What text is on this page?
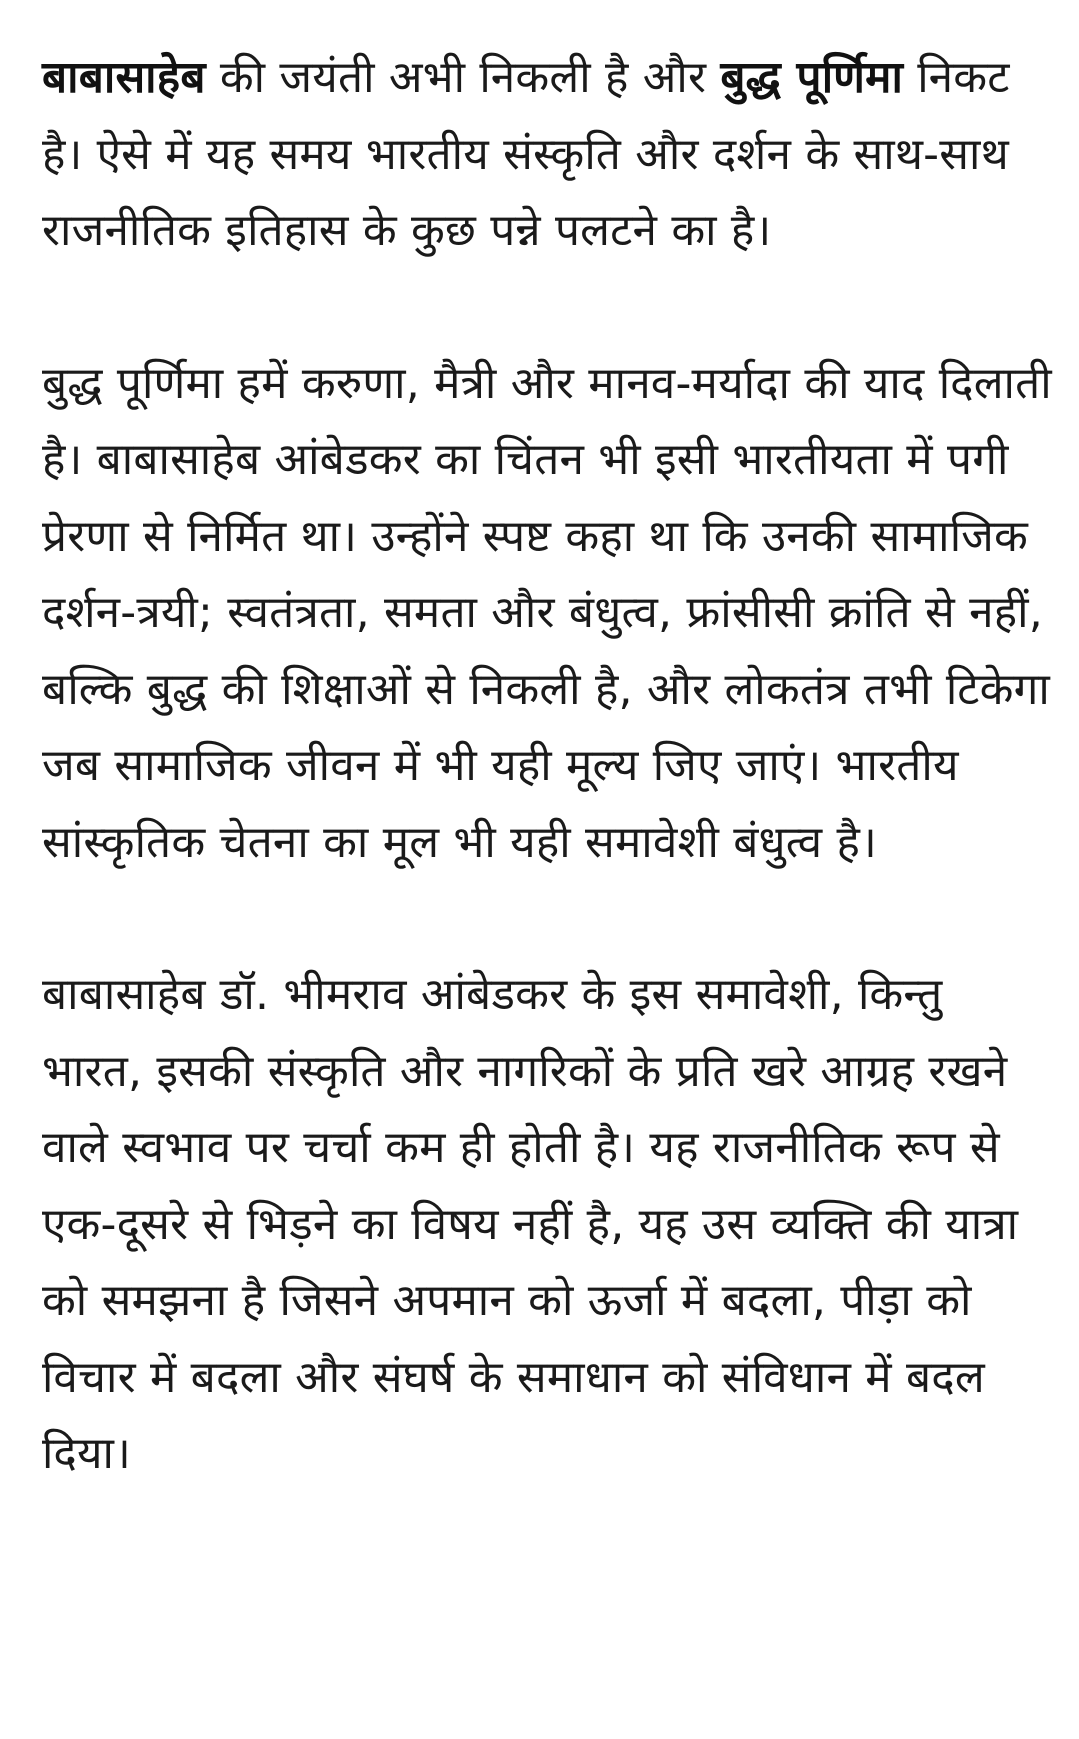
बाबासाहेब की जयंती अभी निकली है और बुद्ध पूर्णिमा निकट है। ऐसे में यह समय भारतीय संस्कृति और दर्शन के साथ-साथ राजनीतिक इतिहास के कुछ पन्ने पलटने का है।

बुद्ध पूर्णिमा हमें करुणा, मैत्री और मानव-मर्यादा की याद दिलाती है। बाबासाहेब आंबेडकर का चिंतन भी इसी भारतीयता में पगी प्रेरणा से निर्मित था। उन्होंने स्पष्ट कहा था कि उनकी सामाजिक दर्शन-त्रयी; स्वतंत्रता, समता और बंधुत्व, फ्रांसीसी क्रांति से नहीं, बल्कि बुद्ध की शिक्षाओं से निकली है, और लोकतंत्र तभी टिकेगा जब सामाजिक जीवन में भी यही मूल्य जिए जाएं। भारतीय सांस्कृतिक चेतना का मूल भी यही समावेशी बंधुत्व है।

बाबासाहेब डॉ. भीमराव आंबेडकर के इस समावेशी, किन्तु भारत, इसकी संस्कृति और नागरिकों के प्रति खरे आग्रह रखने वाले स्वभाव पर चर्चा कम ही होती है। यह राजनीतिक रूप से एक-दूसरे से भिड़ने का विषय नहीं है, यह उस व्यक्ति की यात्रा को समझना है जिसने अपमान को ऊर्जा में बदला, पीड़ा को विचार में बदला और संघर्ष के समाधान को संविधान में बदल दिया।
